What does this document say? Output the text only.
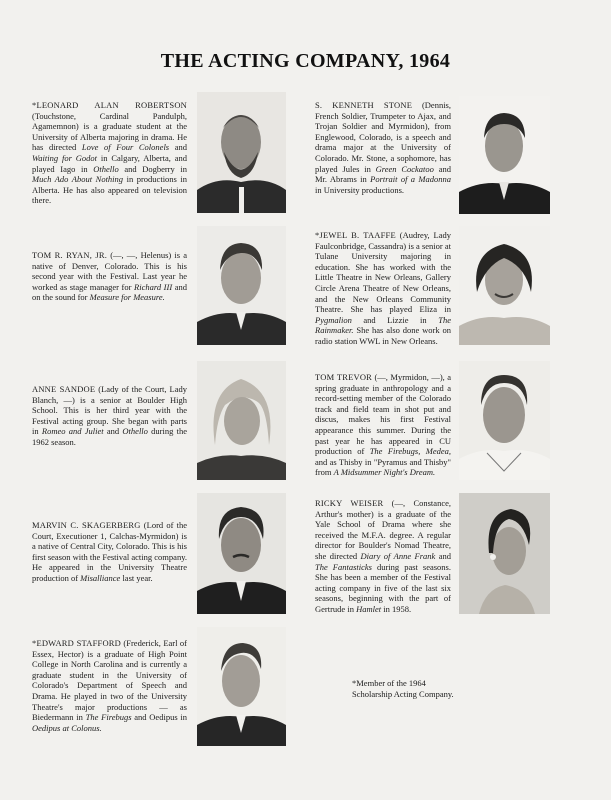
THE ACTING COMPANY, 1964
*LEONARD ALAN ROBERTSON (Touchstone, Cardinal Pandulph, Agamemnon) is a graduate student at the University of Alberta majoring in drama. He has directed Love of Four Colonels and Waiting for Godot in Calgary, Alberta, and played Iago in Othello and Dogberry in Much Ado About Nothing in productions in Alberta. He has also appeared on television there.
S. KENNETH STONE (Dennis, French Soldier, Trumpeter to Ajax, and Trojan Soldier and Myrmidon), from Englewood, Colorado, is a speech and drama major at the University of Colorado. Mr. Stone, a sophomore, has played Jules in Green Cockatoo and Mr. Abrams in Portrait of a Madonna in University productions.
TOM R. RYAN, JR. (—, —, Helenus) is a native of Denver, Colorado. This is his second year with the Festival. Last year he worked as stage manager for Richard III and on the sound for Measure for Measure.
*JEWEL B. TAAFFE (Audrey, Lady Faulconbridge, Cassandra) is a senior at Tulane University majoring in education. She has worked with the Little Theatre in New Orleans, Gallery Circle Arena Theatre of New Orleans, and the New Orleans Community Theatre. She has played Eliza in Pygmalion and Lizzie in The Rainmaker. She has also done work on radio station WWL in New Orleans.
ANNE SANDOE (Lady of the Court, Lady Blanch, —) is a senior at Boulder High School. This is her third year with the Festival acting group. She began with parts in Romeo and Juliet and Othello during the 1962 season.
TOM TREVOR (—, Myrmidon, —), a spring graduate in anthropology and a record-setting member of the Colorado track and field team in shot put and discus, makes his first Festival appearance this summer. During the past year he has appeared in CU production of The Firebugs, Medea, and as Thisby in "Pyramus and Thisby" from A Midsummer Night's Dream.
MARVIN C. SKAGERBERG (Lord of the Court, Executioner 1, Calchas-Myrmidon) is a native of Central City, Colorado. This is his first season with the Festival acting company. He appeared in the University Theatre production of Misalliance last year.
RICKY WEISER (—, Constance, Arthur's mother) is a graduate of the Yale School of Drama where she received the M.F.A. degree. A regular director for Boulder's Nomad Theatre, she directed Diary of Anne Frank and The Fantasticks during past seasons. She has been a member of the Festival acting company in five of the last six seasons, beginning with the part of Gertrude in Hamlet in 1958.
*EDWARD STAFFORD (Frederick, Earl of Essex, Hector) is a graduate of High Point College in North Carolina and is currently a graduate student in the University of Colorado's Department of Speech and Drama. He played in two of the University Theatre's major productions — as Biedermann in The Firebugs and Oedipus in Oedipus at Colonus.
*Member of the 1964 Scholarship Acting Company.
